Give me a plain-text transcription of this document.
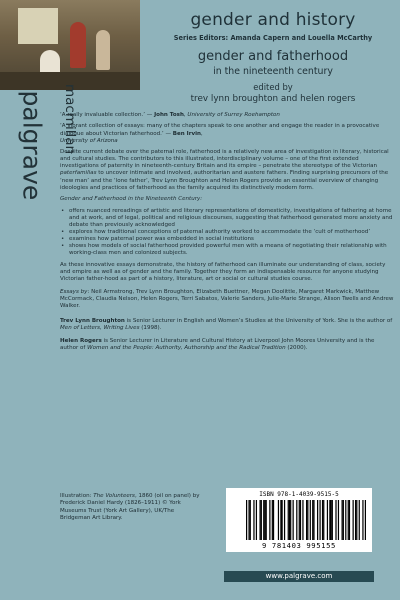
gender and history
Series Editors: Amanda Capern and Louella McCarthy
gender and fatherhood
in the nineteenth century
edited by
trev lynn broughton and helen rogers
palgrave macmillan

‘A really invaluable collection.’ — John Tosh, University of Surrey Roehampton

‘A vibrant collection of essays: many of the chapters speak to one another and engage the reader in a provocative dialogue about Victorian fatherhood.’ — Ben Irvin,
University of Arizona

Despite current debate over the paternal role, fatherhood is a relatively new area of investigation in literary, historical and cultural studies. The contributors to this illustrated, interdisciplinary volume – one of the first extended investigations of paternity in nineteenth-century Britain and its empire – penetrate the stereotype of the Victorian paterfamilias to uncover intimate and involved, authoritarian and austere fathers. Finding surprising precursors of the ‘new man’ and the ‘lone father’, Trev Lynn Broughton and Helen Rogers provide an essential overview of changing ideologies and practices of fatherhood as the family acquired its distinctively modern form.

Gender and Fatherhood in the Nineteenth Century:

• offers nuanced rereadings of artistic and literary representations of domesticity, investigations of fathering at home and at work, and of legal, political and religious discourses, suggesting that fatherhood generated more anxiety and debate than previously acknowledged
• explores how traditional conceptions of paternal authority worked to accommodate the ‘cult of motherhood’
• examines how paternal power was embedded in social institutions
• shows how models of social fatherhood provided powerful men with a means of negotiating their relationship with working-class men and colonized subjects.

As these innovative essays demonstrate, the history of fatherhood can illuminate our understanding of class, society and empire as well as of gender and the family. Together they form an indispensable resource for anyone studying Victorian father-hood as part of a history, literature, art or social or cultural studies course.

Essays by: Neil Armstrong, Trev Lynn Broughton, Elizabeth Buettner, Megan Doolittle, Margaret Markwick, Matthew McCormack, Claudia Nelson, Helen Rogers, Terri Sabatos, Valerie Sanders, Julie-Marie Strange, Alison Twells and Andrew Walker.

Trev Lynn Broughton is Senior Lecturer in English and Women’s Studies at the University of York. She is the author of Men of Letters, Writing Lives (1998).

Helen Rogers is Senior Lecturer in Literature and Cultural History at Liverpool John Moores University and is the author of Women and the People: Authority, Authorship and the Radical Tradition (2000).

Illustration: The Volunteers, 1860 (oil on panel) by Frederick Daniel Hardy (1826–1911) © York Museums Trust (York Art Gallery), UK/The Bridgeman Art Library.
ISBN 978-1-4039-9515-5
9 781403 995155
www.palgrave.com
